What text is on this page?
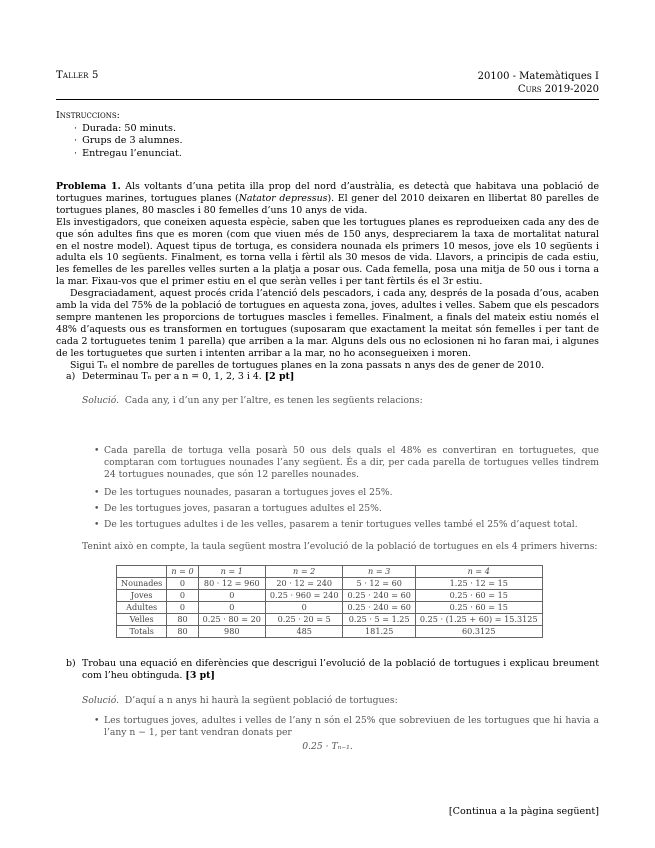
Taller 5	20100 - Matemàtiques I
Curs 2019-2020
Instruccions:
· Durada: 50 minuts.
· Grups de 3 alumnes.
· Entregau l’enunciat.

Problema 1. Als voltants d’una petita illa prop del nord d’austràlia, es detectà que habitava una població de tortugues marines, tortugues planes (Natator depressus). El gener del 2010 deixaren en llibertat 80 parelles de tortugues planes, 80 mascles i 80 femelles d’uns 10 anys de vida.

Els investigadors, que coneixen aquesta espècie, saben que les tortugues planes es reprodueixen cada any des de que són adultes fins que es moren (com que viuen més de 150 anys, despreciarem la taxa de mortalitat natural en el nostre model). Aquest tipus de tortuga, es considera nounada els primers 10 mesos, jove els 10 següents i adulta els 10 següents. Finalment, es torna vella i fèrtil als 30 mesos de vida. Llavors, a principis de cada estiu, les femelles de les parelles velles surten a la platja a posar ous. Cada femella, posa una mitja de 50 ous i torna a la mar. Fixau-vos que el primer estiu en el que seràn velles i per tant fèrtils és el 3r estiu.

Desgraciadament, aquest procés crida l’atenció dels pescadors, i cada any, després de la posada d’ous, acaben amb la vida del 75% de la població de tortugues en aquesta zona, joves, adultes i velles. Sabem que els pescadors sempre mantenen les proporcions de tortugues mascles i femelles. Finalment, a finals del mateix estiu només el 48% d’aquests ous es transformen en tortugues (suposaram que exactament la meitat són femelles i per tant de cada 2 tortuguetes tenim 1 parella) que arriben a la mar. Alguns dels ous no eclosionen ni ho faran mai, i algunes de les tortuguetes que surten i intenten arribar a la mar, no ho aconsegueixen i moren.

Sigui Tₙ el nombre de parelles de tortugues planes en la zona passats n anys des de gener de 2010.

a) Determinau Tₙ per a n = 0, 1, 2, 3 i 4. [2 pt]
Solució. Cada any, i d’un any per l’altre, es tenen les següents relacions:
• Cada parella de tortuga vella posarà 50 ous dels quals el 48% es convertiran en tortuguetes, que comptaran com tortugues nounades l’any següent. És a dir, per cada parella de tortugues velles tindrem 24 tortugues nounades, que són 12 parelles nounades.
• De les tortugues nounades, pasaran a tortugues joves el 25%.
• De les tortugues joves, pasaran a tortugues adultes el 25%.
• De les tortugues adultes i de les velles, pasarem a tenir tortugues velles també el 25% d’aquest total.
Tenint això en compte, la taula següent mostra l’evolució de la població de tortugues en els 4 primers hiverns:
	n = 0	n = 1	n = 2	n = 3	n = 4
Nounades	0	80 · 12 = 960	20 · 12 = 240	5 · 12 = 60	1.25 · 12 = 15
Joves	0	0	0.25 · 960 = 240	0.25 · 240 = 60	0.25 · 60 = 15
Adultes	0	0	0	0.25 · 240 = 60	0.25 · 60 = 15
Velles	80	0.25 · 80 = 20	0.25 · 20 = 5	0.25 · 5 = 1.25	0.25 · (1.25 + 60) = 15.3125
Totals	80	980	485	181.25	60.3125
b) Trobau una equació en diferències que descrigui l’evolució de la població de tortugues i explicau breument com l’heu obtinguda. [3 pt]
Solució. D’aquí a n anys hi haurà la següent població de tortugues:
• Les tortugues joves, adultes i velles de l’any n són el 25% que sobreviuen de les tortugues que hi havia a l’any n − 1, per tant vendran donats per
0.25 · Tₙ₋₁.
[Continua a la pàgina següent]
